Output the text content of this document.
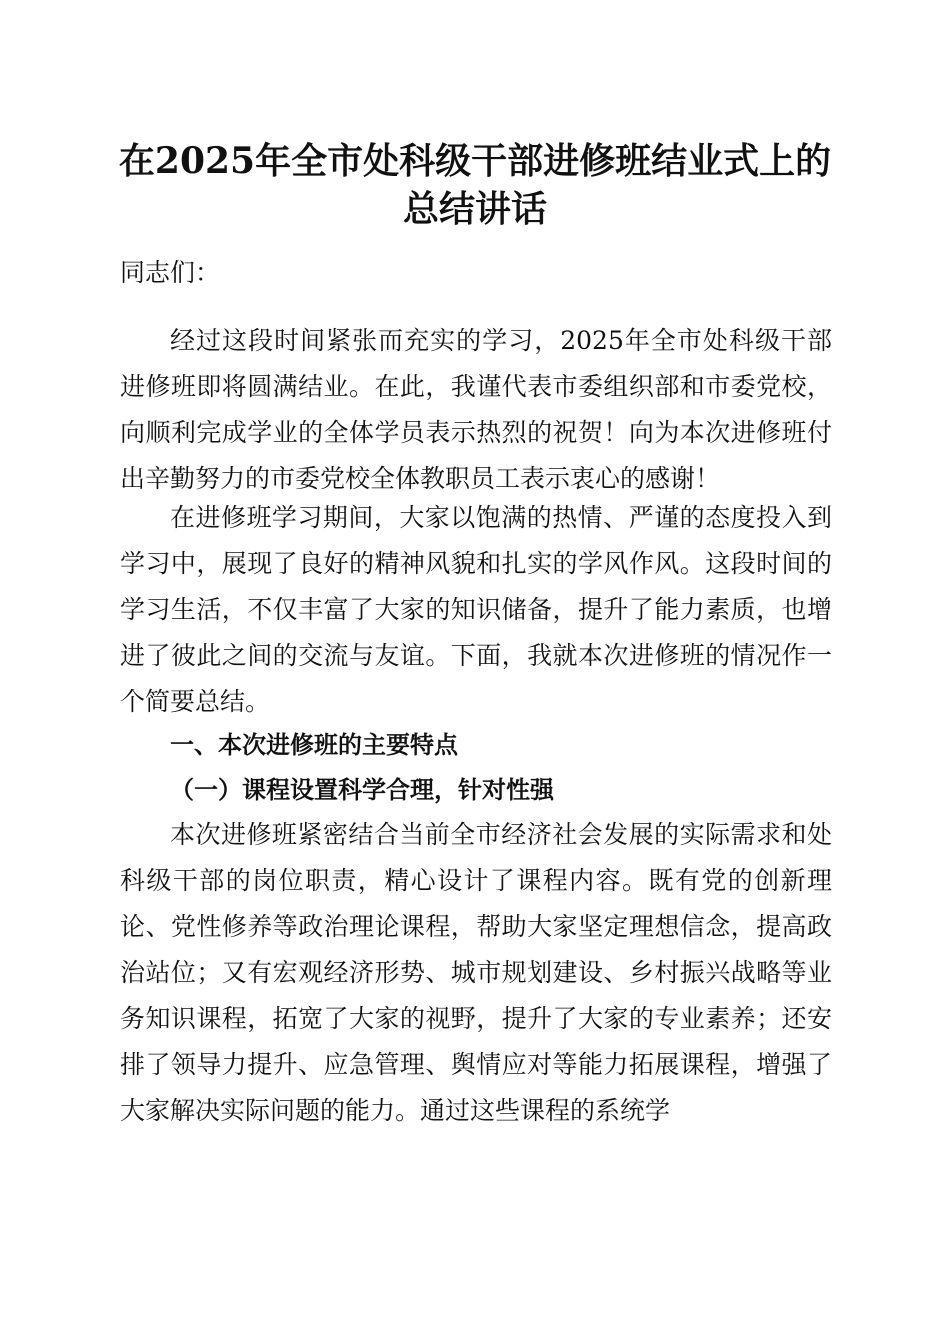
在2025年全市处科级干部进修班结业式上的
总结讲话
同志们：

经过这段时间紧张而充实的学习，2025年全市处科级干部进修班即将圆满结业。在此，我谨代表市委组织部和市委党校，向顺利完成学业的全体学员表示热烈的祝贺！向为本次进修班付出辛勤努力的市委党校全体教职员工表示衷心的感谢！

在进修班学习期间，大家以饱满的热情、严谨的态度投入到学习中，展现了良好的精神风貌和扎实的学风作风。这段时间的学习生活，不仅丰富了大家的知识储备，提升了能力素质，也增进了彼此之间的交流与友谊。下面，我就本次进修班的情况作一个简要总结。

一、本次进修班的主要特点
（一）课程设置科学合理，针对性强

本次进修班紧密结合当前全市经济社会发展的实际需求和处科级干部的岗位职责，精心设计了课程内容。既有党的创新理论、党性修养等政治理论课程，帮助大家坚定理想信念，提高政治站位；又有宏观经济形势、城市规划建设、乡村振兴战略等业务知识课程，拓宽了大家的视野，提升了大家的专业素养；还安排了领导力提升、应急管理、舆情应对等能力拓展课程，增强了大家解决实际问题的能力。通过这些课程的系统学
